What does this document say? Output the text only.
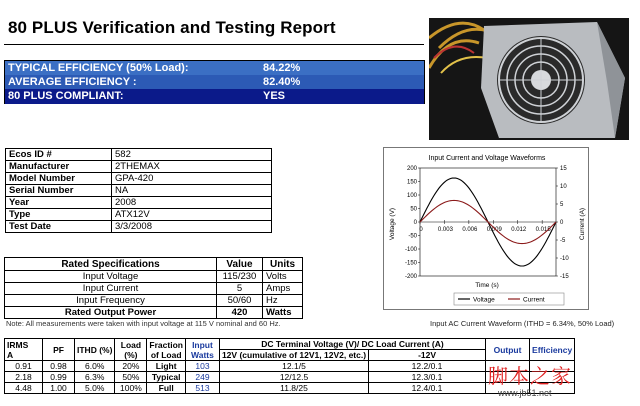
80 PLUS Verification and Testing Report
TYPICAL EFFICIENCY (50% Load):	84.22%
AVERAGE EFFICIENCY :	82.40%
80 PLUS COMPLIANT:	YES
Ecos ID #	582
Manufacturer	2THEMAX
Model Number	GPA-420
Serial Number	NA
Year	2008
Type	ATX12V
Test Date	3/3/2008
Rated Specifications	Value	Units
Input Voltage	115/230	Volts
Input Current	5	Amps
Input Frequency	50/60	Hz
Rated Output Power	420	Watts
Note: All measurements were taken with input voltage at 115 V nominal and 60 Hz.
Input Current and Voltage Waveforms
200
150
100
50
0
-50
-100
-150
-200
15
10
5
0
-5
-10
-15
0	0.003 0.006 0.009 0.012 0.015
Time (s)
Voltage (V)	Current (A)
Voltage	Current
Input AC Current Waveform (ITHD = 6.34%, 50% Load)
IRMS
A	PF	ITHD (%)	Load (%)	Fraction of Load	Input Watts	DC Terminal Voltage (V)/ DC Load Current (A)		Output	Efficiency
						12V (cumulative of 12V1, 12V2, etc.)	-12V		
0.91	0.98	6.0%	20%	Light	103	12.1/5	12.2/0.1		
2.18	0.99	6.3%	50%	Typical	249	12/12.5	12.3/0.1		
4.48	1.00	5.0%	100%	Full	513	11.8/25	12.4/0.1		脚本之家
www.jb51.net
